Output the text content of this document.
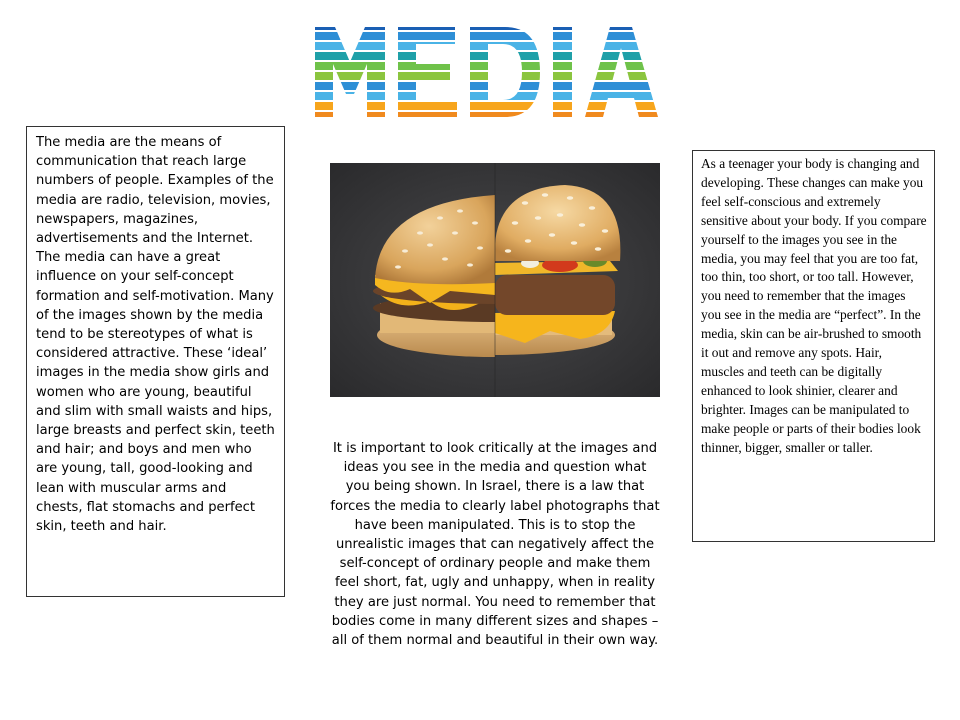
MEDIA
The media are the means of communication that reach large numbers of people. Examples of the media are radio, television, movies, newspapers, magazines, advertisements and the Internet. The media can have a great influence on your self-concept formation and self-motivation. Many of the images shown by the media tend to be stereotypes of what is considered attractive. These ‘ideal’ images in the media show girls and women who are young, beautiful and slim with small waists and hips, large breasts and perfect skin, teeth and hair; and boys and men who are young, tall, good-looking and lean with muscular arms and chests, flat stomachs and perfect skin, teeth and hair.
It is important to look critically at the images and ideas you see in the media and question what you being shown. In Israel, there is a law that forces the media to clearly label photographs that have been manipulated. This is to stop the unrealistic images that can negatively affect the self-concept of ordinary people and make them feel short, fat, ugly and unhappy, when in reality they are just normal. You need to remember that bodies come in many different sizes and shapes – all of them normal and beautiful in their own way.
As a teenager your body is changing and developing. These changes can make you feel self-conscious and extremely sensitive about your body. If you compare yourself to the images you see in the media, you may feel that you are too fat, too thin, too short, or too tall. However, you need to remember that the images you see in the media are “perfect”. In the media, skin can be air-brushed to smooth it out and remove any spots. Hair, muscles and teeth can be digitally enhanced to look shinier, clearer and brighter. Images can be manipulated to make people or parts of their bodies look thinner, bigger, smaller or taller.
